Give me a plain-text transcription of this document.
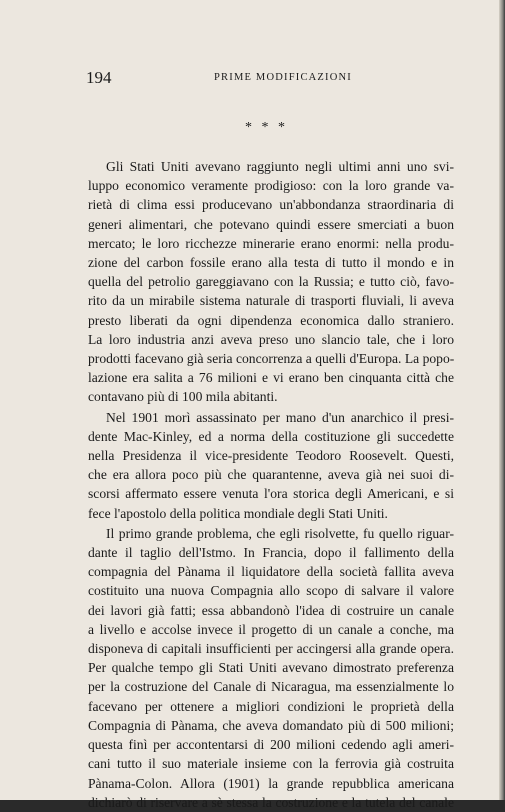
194	PRIME MODIFICAZIONI
* * *
Gli Stati Uniti avevano raggiunto negli ultimi anni uno svi-
luppo economico veramente prodigioso: con la loro grande va-
rietà di clima essi producevano un'abbondanza straordinaria di
generi alimentari, che potevano quindi essere smerciati a buon
mercato; le loro ricchezze minerarie erano enormi: nella produ-
zione del carbon fossile erano alla testa di tutto il mondo e in
quella del petrolio gareggiavano con la Russia; e tutto ciò, favo-
rito da un mirabile sistema naturale di trasporti fluviali, li aveva
presto liberati da ogni dipendenza economica dallo straniero.
La loro industria anzi aveva preso uno slancio tale, che i loro
prodotti facevano già seria concorrenza a quelli d'Europa. La popo-
lazione era salita a 76 milioni e vi erano ben cinquanta città che
contavano più di 100 mila abitanti.
Nel 1901 morì assassinato per mano d'un anarchico il presi-
dente Mac-Kinley, ed a norma della costituzione gli succedette
nella Presidenza il vice-presidente Teodoro Roosevelt. Questi,
che era allora poco più che quarantenne, aveva già nei suoi di-
scorsi affermato essere venuta l'ora storica degli Americani, e si
fece l'apostolo della politica mondiale degli Stati Uniti.
Il primo grande problema, che egli risolvette, fu quello riguar-
dante il taglio dell'Istmo. In Francia, dopo il fallimento della
compagnia del Pànama il liquidatore della società fallita aveva
costituito una nuova Compagnia allo scopo di salvare il valore
dei lavori già fatti; essa abbandonò l'idea di costruire un canale
a livello e accolse invece il progetto di un canale a conche, ma
disponeva di capitali insufficienti per accingersi alla grande opera.
Per qualche tempo gli Stati Uniti avevano dimostrato preferenza
per la costruzione del Canale di Nicaragua, ma essenzialmente lo
facevano per ottenere a migliori condizioni le proprietà della
Compagnia di Pànama, che aveva domandato più di 500 milioni;
questa finì per accontentarsi di 200 milioni cedendo agli ameri-
cani tutto il suo materiale insieme con la ferrovia già costruita
Pànama-Colon. Allora (1901) la grande repubblica americana
dichiarò di riservare a sè stessa la costruzione e la tutela del canale
